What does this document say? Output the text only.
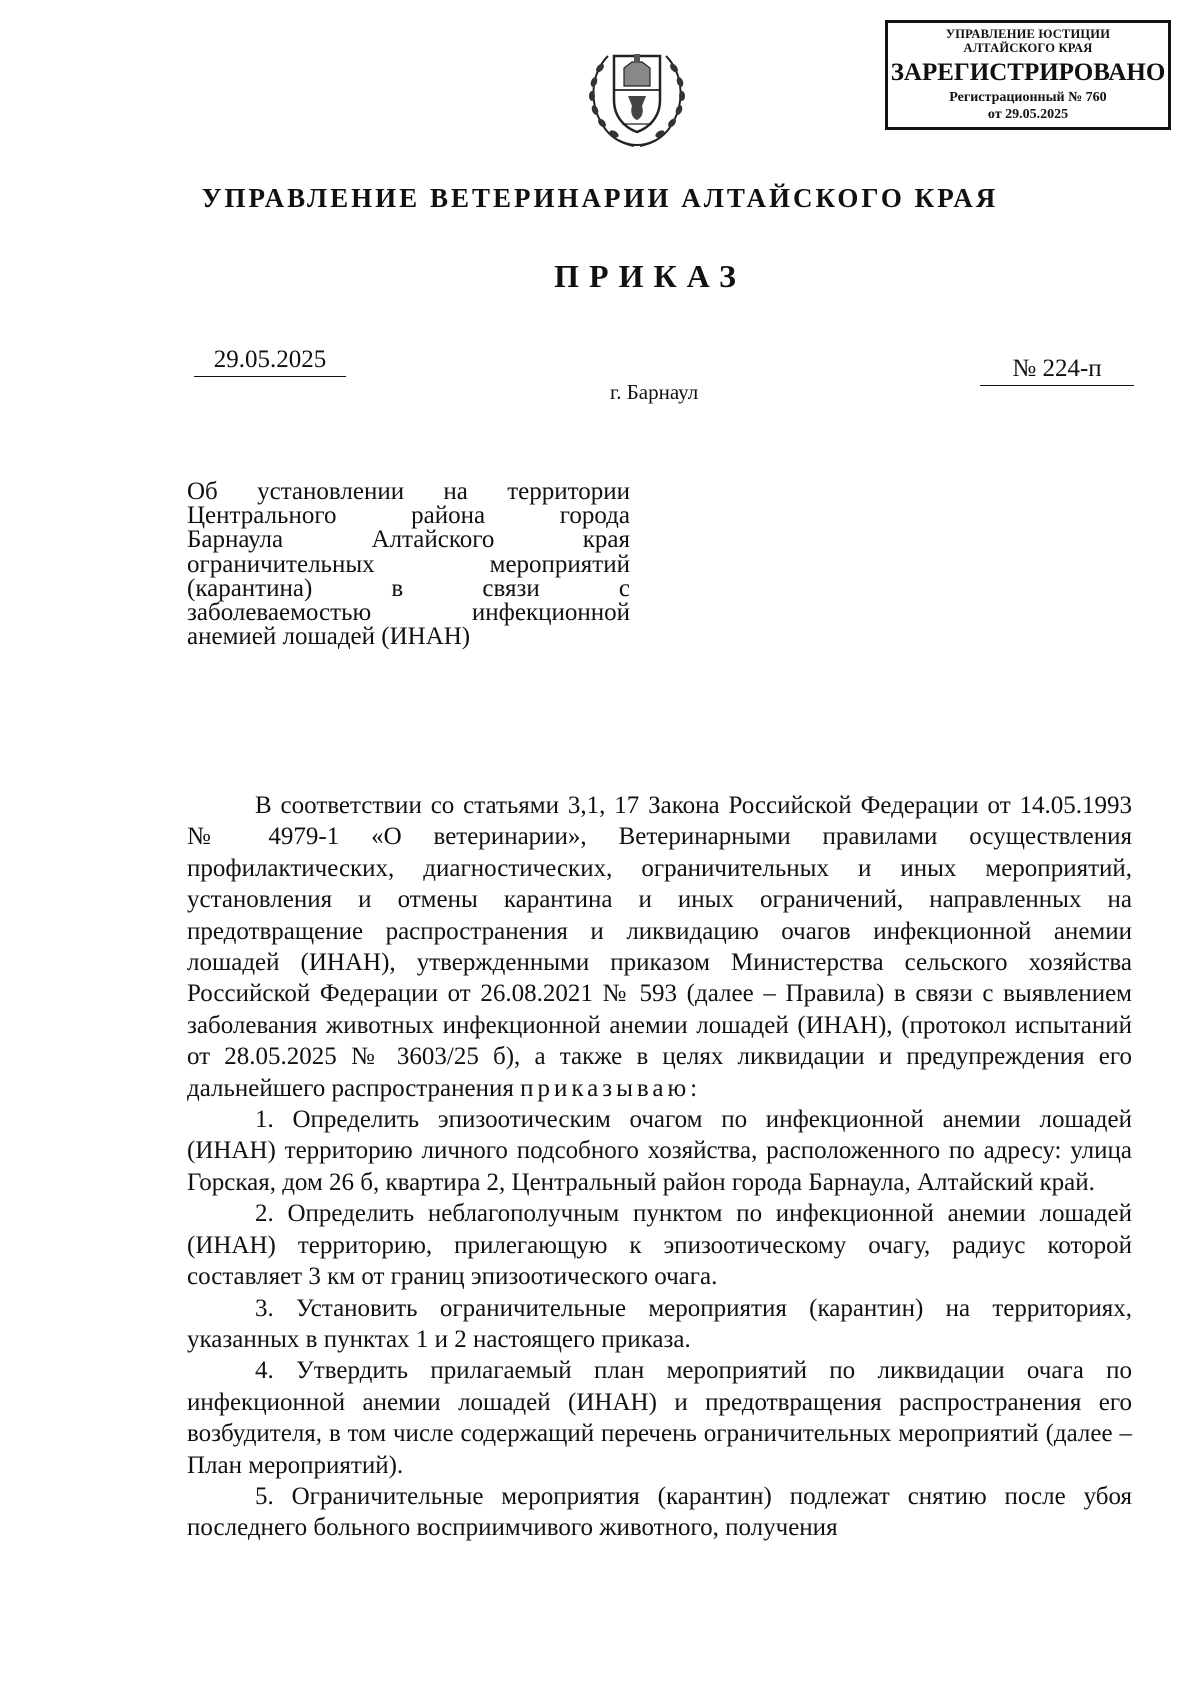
УПРАВЛЕНИЕ ЮСТИЦИИ
АЛТАЙСКОГО КРАЯ
ЗАРЕГИСТРИРОВАНО
Регистрационный № 760
от 29.05.2025
УПРАВЛЕНИЕ ВЕТЕРИНАРИИ АЛТАЙСКОГО КРАЯ
ПРИКАЗ
29.05.2025	№ 224-п
г. Барнаул
Об установлении на территории
Центрального района города
Барнаула Алтайского края
ограничительных мероприятий
(карантина) в связи с
заболеваемостью инфекционной
анемией лошадей (ИНАН)

В соответствии со статьями 3,1, 17 Закона Российской Федерации от 14.05.1993 № 4979-1 «О ветеринарии», Ветеринарными правилами осуществления профилактических, диагностических, ограничительных и иных мероприятий, установления и отмены карантина и иных ограничений, направленных на предотвращение распространения и ликвидацию очагов инфекционной анемии лошадей (ИНАН), утвержденными приказом Министерства сельского хозяйства Российской Федерации от 26.08.2021 № 593 (далее – Правила) в связи с выявлением заболевания животных инфекционной анемии лошадей (ИНАН), (протокол испытаний от 28.05.2025 № 3603/25 б), а также в целях ликвидации и предупреждения его дальнейшего распространения приказываю:

1. Определить эпизоотическим очагом по инфекционной анемии лошадей (ИНАН) территорию личного подсобного хозяйства, расположенного по адресу: улица Горская, дом 26 б, квартира 2, Центральный район города Барнаула, Алтайский край.

2. Определить неблагополучным пунктом по инфекционной анемии лошадей (ИНАН) территорию, прилегающую к эпизоотическому очагу, радиус которой составляет 3 км от границ эпизоотического очага.

3. Установить ограничительные мероприятия (карантин) на территориях, указанных в пунктах 1 и 2 настоящего приказа.

4. Утвердить прилагаемый план мероприятий по ликвидации очага по инфекционной анемии лошадей (ИНАН) и предотвращения распространения его возбудителя, в том числе содержащий перечень ограничительных мероприятий (далее – План мероприятий).

5. Ограничительные мероприятия (карантин) подлежат снятию после убоя последнего больного восприимчивого животного, получения
